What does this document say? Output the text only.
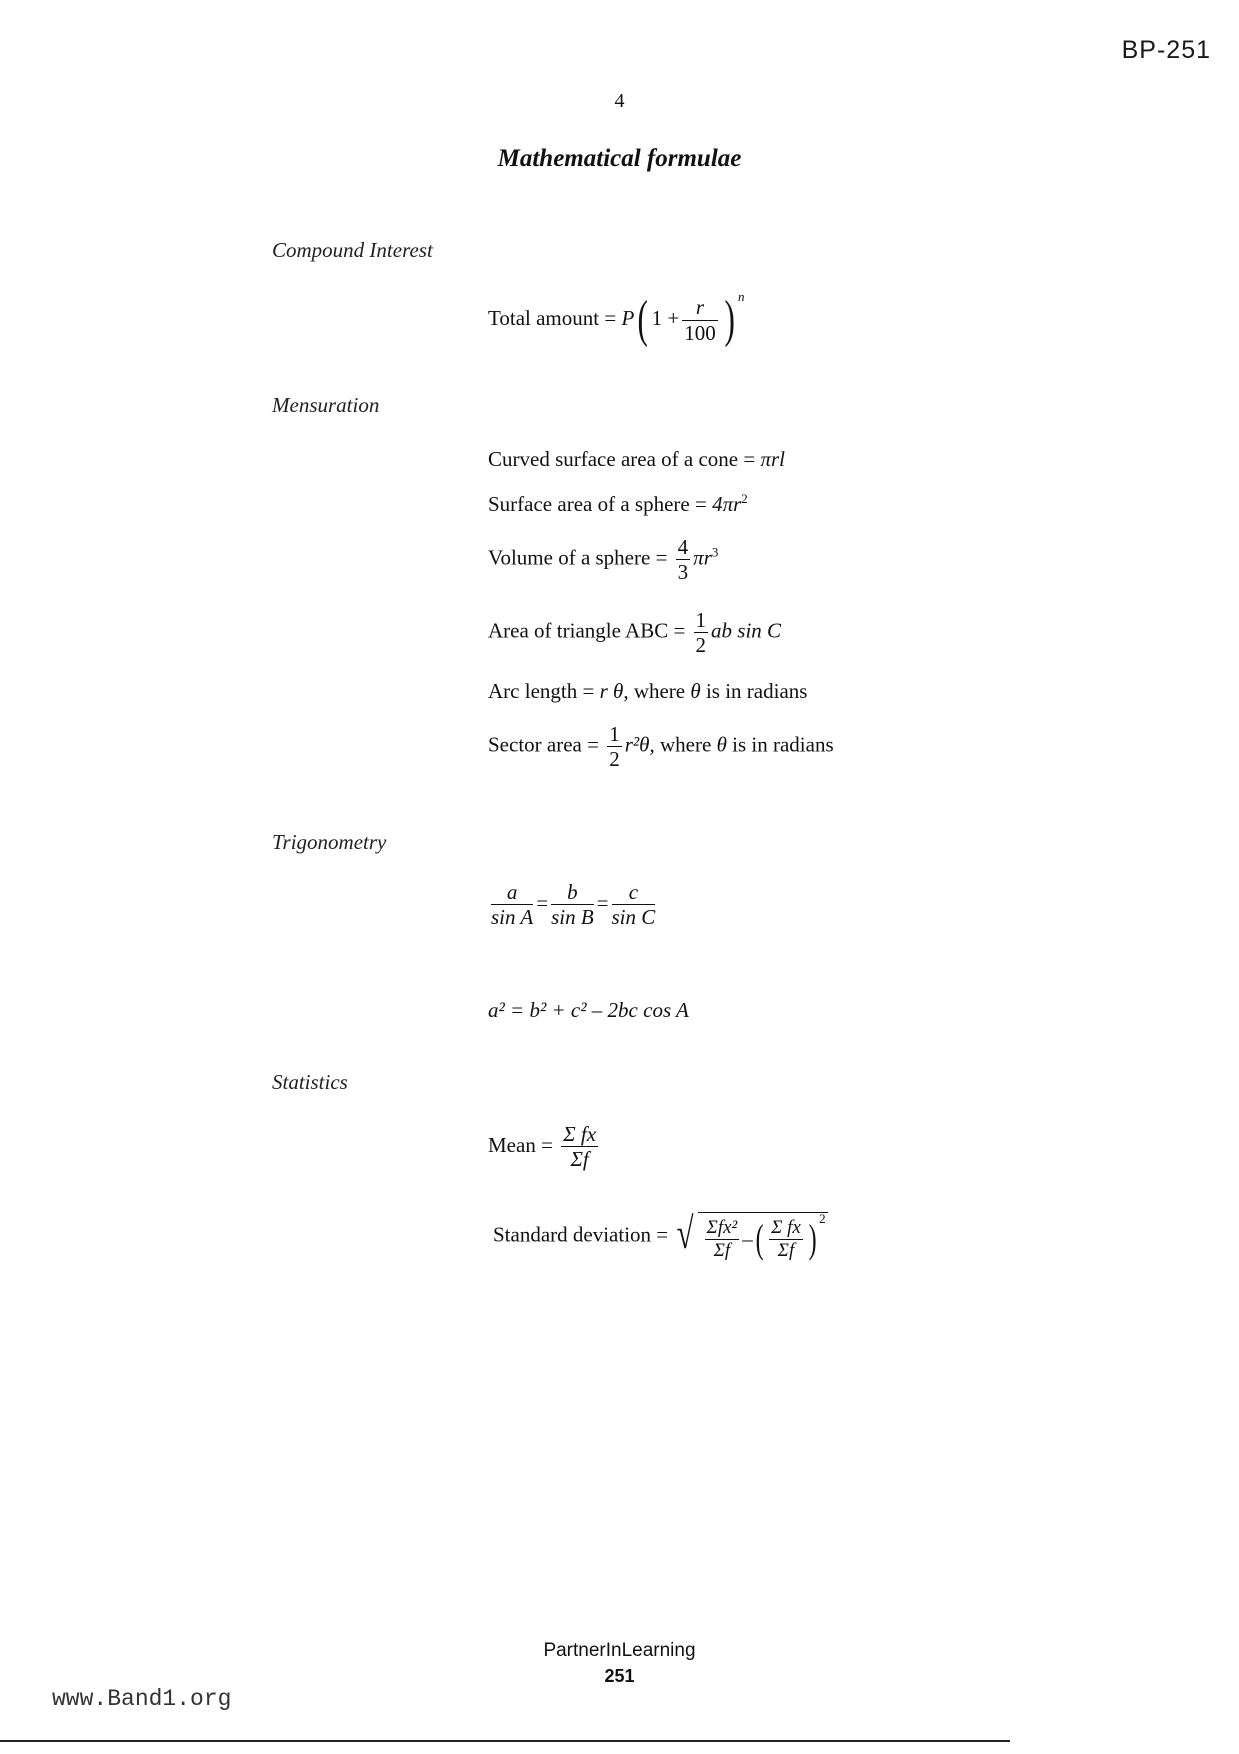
BP-251
4
Mathematical formulae
Compound Interest
Total amount = P( $1 + \frac{r}{100}$ ) $^n$
Mensuration
Curved surface area of a cone = πrl
Surface area of a sphere = $4\pi r^2$
Volume of a sphere = $\frac{4}{3} \pi r^3$
Area of triangle ABC = $\frac{1}{2}$ ab sin C
Arc length = r θ, where θ is in radians
Sector area = $\frac{1}{2} r^2\theta$, where θ is in radians
Trigonometry
$\frac{a}{\text{sin A}} = \frac{b}{\text{sin B}} = \frac{c}{\text{sin C}}$
a² = b² + c² – 2bc cos A
Statistics
Mean = $\frac{\text{Σ fx}}{\Sigma f}$
Standard deviation = √ $\frac{\text{Σfx²}}{\Sigma f}$ – ( $\frac{\text{Σ fx}}{\Sigma f} )^2$
PartnerInLearning
251
www.Band1.org
